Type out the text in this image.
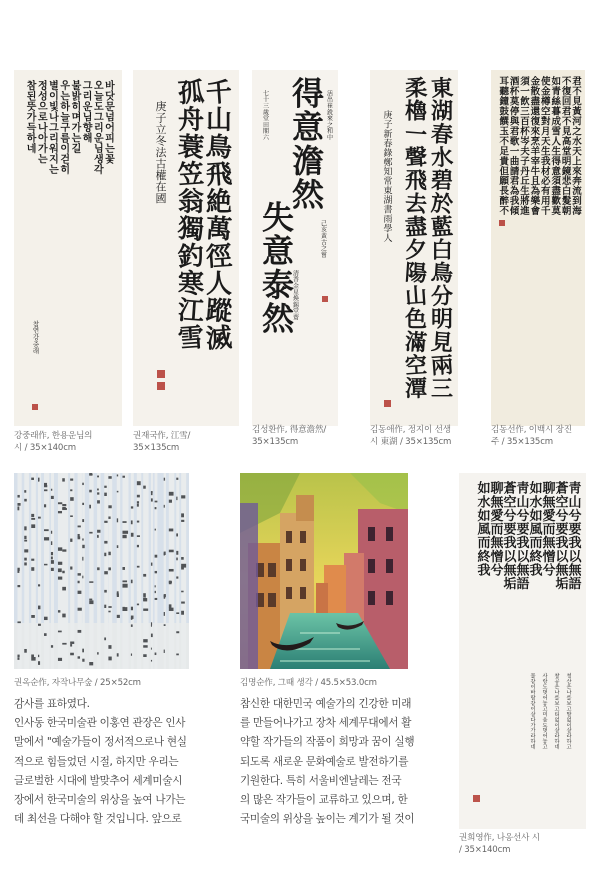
바
닷
문
넘
어
피
는
꽃
오
늘
도
그
리
운
님
생
각
그
리
운
님
향
해
불
밝
히
며
가
는
길
우
는
하
늘
구
름
이
걷
히
별
이
빛
나
그
리
워
지
는
정
성
으
로
나
아
가
는
참
된
뜻
가
득
하
네
참
연
강
중
래
강중래作, 한용운님의
시 / 35×140cm
千
山
鳥
飛
絶
萬
徑
人
蹤
滅
孤
舟
蓑
笠
翁
獨
釣
寒
江
雪
庚
子
立
冬
法
古
權
在
國
권재국作, 江雪/
35×135cm
得
意
澹
然
失
意
泰
然
活
出
崔
銑
來
之
和
中
己
亥
黃
古
之
嘗
七
十
三
歲
堂
田
閣
六
清
香
金
星
煥
錫
堂
齋
김성환作, 得意澹然/
35×135cm
東
湖
春
水
碧
於
藍
白
鳥
分
明
見
兩
三
柔
櫓
一
聲
飛
去
盡
夕
陽
山
色
滿
空
潭
庚
子
新
春
錄
鄭
知
常
東
湖
書
雨
學
人
김동애作, 정지이 선생
시 東湖 / 35×135cm
君
不
見
黃
河
之
水
天
上
來
奔
流
到
海
不
復
回
君
不
見
高
堂
明
鏡
悲
白
髮
朝
如
青
絲
暮
成
雪
人
生
得
意
須
盡
歡
莫
使
金
樽
空
對
月
天
生
我
材
必
有
用
千
金
散
盡
還
復
來
烹
羊
宰
牛
且
為
樂
會
須
一
飲
三
百
杯
岑
夫
子
丹
丘
生
將
進
酒
杯
莫
停
與
君
歌
一
曲
請
君
為
我
傾
耳
聽
鐘
鼓
饌
玉
不
足
貴
但
願
長
醉
不
김동선作, 이백시 장진
주 / 35×135cm
권옥순作, 자작나무숲 / 25×52cm	김명순作, 그때 생각 / 45.5×53.0cm
靑
山
兮
要
我
以
無
語
蒼
空
兮
要
我
以
無
垢
聊
無
愛
而
無
憎
兮
如
水
如
風
而
終
我
靑
山
兮
要
我
以
無
語
蒼
空
兮
要
我
以
無
垢
聊
無
愛
而
無
憎
兮
如
水
如
風
而
終
我
청
산
은
나
를
보
고
말
없
이
살
라
하
고
창
공
은
나
를
보
고
티
없
이
살
라
하
네
사
랑
도
벗
어
놓
고
미
움
도
벗
어
놓
고
물
같
이
바
람
같
이
살
다
가
가
라
하
네
권희영作, 나옹선사 시
/ 35×140cm

감사를 표하였다.

인사동 한국미술관 이홍연 관장은 인사

말에서 "예술가들이 정서적으로나 현실

적으로 힘들었던 시절, 하지만 우리는

글로벌한 시대에 발맞추어 세계미술시

장에서 한국미술의 위상을 높여 나가는

데 최선을 다해야 할 것입니다. 앞으로

참신한 대한민국 예술가의 긴강한 미래

를 만들어나가고 장차 세계무대에서 활

약할 작가들의 작품이 희망과 꿈이 실행

되도록 새로운 문화예술로 발전하기를

기원한다. 특히 서울비엔날레는 전국

의 많은 작가들이 교류하고 있으며, 한

국미술의 위상을 높이는 계기가 될 것이
